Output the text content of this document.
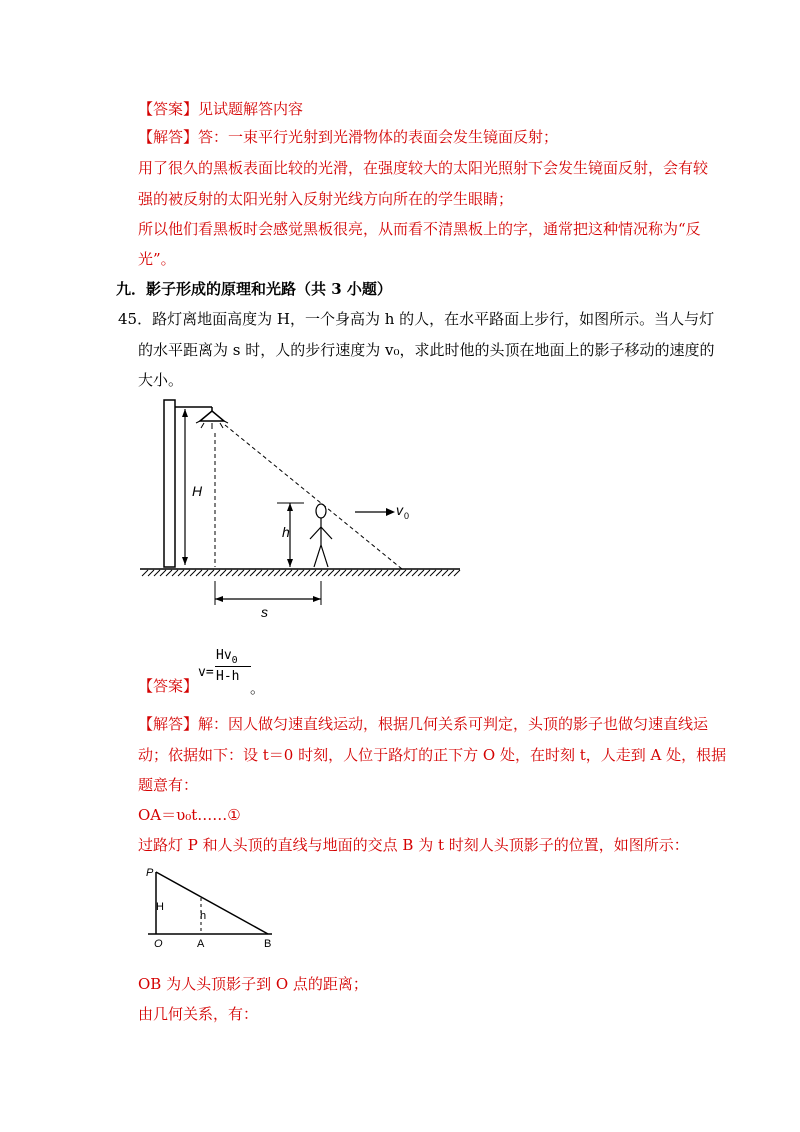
【答案】见试题解答内容
【解答】答：一束平行光射到光滑物体的表面会发生镜面反射；
用了很久的黑板表面比较的光滑，在强度较大的太阳光照射下会发生镜面反射，会有较
强的被反射的太阳光射入反射光线方向所在的学生眼睛；
所以他们看黑板时会感觉黑板很亮，从而看不清黑板上的字，通常把这种情况称为“反
光”。
九．影子形成的原理和光路（共 3 小题）
45．路灯离地面高度为 H，一个身高为 h 的人，在水平路面上步行，如图所示。当人与灯
的水平距离为 s 时，人的步行速度为 v₀，求此时他的头顶在地面上的影子移动的速度的
大小。
H
h
v 0
s
【答案】
v=
$Hv_0$
H-h
。
【解答】解：因人做匀速直线运动，根据几何关系可判定，头顶的影子也做匀速直线运
动；依据如下：设 t＝0 时刻，人位于路灯的正下方 O 处，在时刻 t，人走到 A 处，根据
题意有：
OA＝υ₀t……①
过路灯 P 和人头顶的直线与地面的交点 B 为 t 时刻人头顶影子的位置，如图所示：
P
H
h
O	A	B
OB 为人头顶影子到 O 点的距离；
由几何关系，有：
